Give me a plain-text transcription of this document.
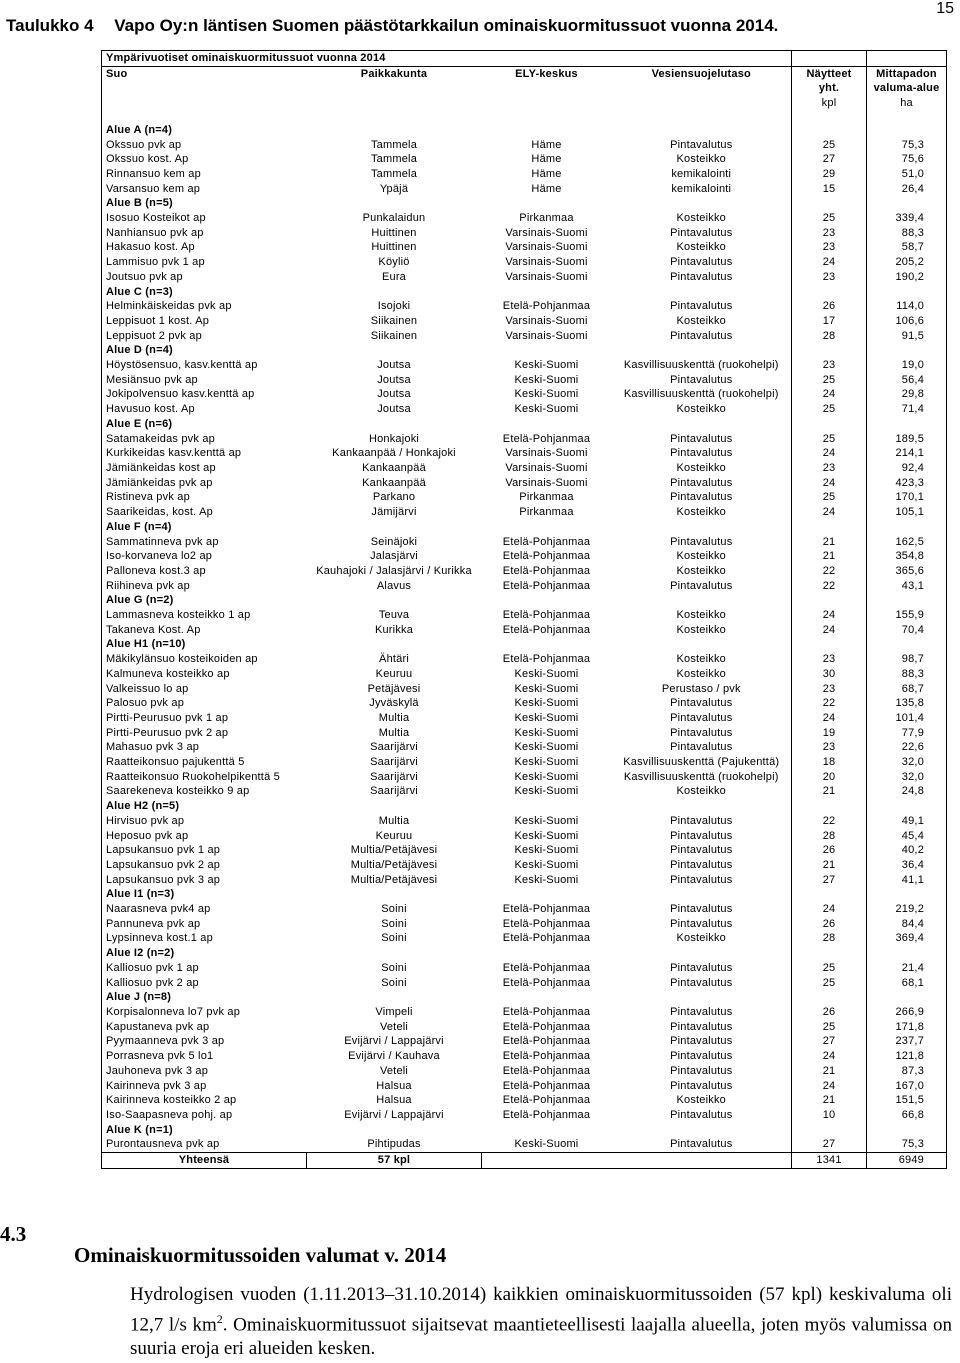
15
Taulukko 4 Vapo Oy:n läntisen Suomen päästötarkkailun ominaiskuormitussuot vuonna 2014.
Ympärivuotiset ominaiskuormitussuot vuonna 2014					
Suo	Paikkakunta	ELY-keskus	Vesiensuojelutaso	Näytteet	Mittapadon
				yht.	valuma-alue
				kpl	ha

Alue A (n=4)					
Okssuo pvk ap	Tammela	Häme	Pintavalutus	25	75,3
Okssuo kost. Ap	Tammela	Häme	Kosteikko	27	75,6
Rinnansuo kem ap	Tammela	Häme	kemikalointi	29	51,0
Varsansuo kem ap	Ypäjä	Häme	kemikalointi	15	26,4
Alue B (n=5)					
Isosuo Kosteikot ap	Punkalaidun	Pirkanmaa	Kosteikko	25	339,4
Nanhiansuo pvk ap	Huittinen	Varsinais-Suomi	Pintavalutus	23	88,3
Hakasuo kost. Ap	Huittinen	Varsinais-Suomi	Kosteikko	23	58,7
Lammisuo pvk 1 ap	Köyliö	Varsinais-Suomi	Pintavalutus	24	205,2
Joutsuo pvk ap	Eura	Varsinais-Suomi	Pintavalutus	23	190,2
Alue C (n=3)					
Helminkäiskeidas pvk ap	Isojoki	Etelä-Pohjanmaa	Pintavalutus	26	114,0
Leppisuot 1 kost. Ap	Siikainen	Varsinais-Suomi	Kosteikko	17	106,6
Leppisuot 2 pvk ap	Siikainen	Varsinais-Suomi	Pintavalutus	28	91,5
Alue D (n=4)					
Höystösensuo, kasv.kenttä ap	Joutsa	Keski-Suomi	Kasvillisuuskenttä (ruokohelpi)	23	19,0
Mesiänsuo pvk ap	Joutsa	Keski-Suomi	Pintavalutus	25	56,4
Jokipolvensuo kasv.kenttä ap	Joutsa	Keski-Suomi	Kasvillisuuskenttä (ruokohelpi)	24	29,8
Havusuo kost. Ap	Joutsa	Keski-Suomi	Kosteikko	25	71,4
Alue E (n=6)					
Satamakeidas pvk ap	Honkajoki	Etelä-Pohjanmaa	Pintavalutus	25	189,5
Kurkikeidas kasv.kenttä ap	Kankaanpää / Honkajoki	Varsinais-Suomi	Pintavalutus	24	214,1
Jämiänkeidas kost ap	Kankaanpää	Varsinais-Suomi	Kosteikko	23	92,4
Jämiänkeidas pvk ap	Kankaanpää	Varsinais-Suomi	Pintavalutus	24	423,3
Ristineva pvk ap	Parkano	Pirkanmaa	Pintavalutus	25	170,1
Saarikeidas, kost. Ap	Jämijärvi	Pirkanmaa	Kosteikko	24	105,1
Alue F (n=4)					
Sammatinneva pvk ap	Seinäjoki	Etelä-Pohjanmaa	Pintavalutus	21	162,5
Iso-korvaneva lo2 ap	Jalasjärvi	Etelä-Pohjanmaa	Kosteikko	21	354,8
Palloneva kost.3 ap	Kauhajoki / Jalasjärvi / Kurikka	Etelä-Pohjanmaa	Kosteikko	22	365,6
Riihineva pvk ap	Alavus	Etelä-Pohjanmaa	Pintavalutus	22	43,1
Alue G (n=2)					
Lammasneva kosteikko 1 ap	Teuva	Etelä-Pohjanmaa	Kosteikko	24	155,9
Takaneva Kost. Ap	Kurikka	Etelä-Pohjanmaa	Kosteikko	24	70,4
Alue H1 (n=10)					
Mäkikylänsuo kosteikoiden ap	Ähtäri	Etelä-Pohjanmaa	Kosteikko	23	98,7
Kalmuneva kosteikko ap	Keuruu	Keski-Suomi	Kosteikko	30	88,3
Valkeissuo lo ap	Petäjävesi	Keski-Suomi	Perustaso / pvk	23	68,7
Palosuo pvk ap	Jyväskylä	Keski-Suomi	Pintavalutus	22	135,8
Pirtti-Peurusuo pvk 1 ap	Multia	Keski-Suomi	Pintavalutus	24	101,4
Pirtti-Peurusuo pvk 2 ap	Multia	Keski-Suomi	Pintavalutus	19	77,9
Mahasuo pvk 3 ap	Saarijärvi	Keski-Suomi	Pintavalutus	23	22,6
Raatteikonsuo pajukenttä 5	Saarijärvi	Keski-Suomi	Kasvillisuuskenttä (Pajukenttä)	18	32,0
Raatteikonsuo Ruokohelpikenttä 5	Saarijärvi	Keski-Suomi	Kasvillisuuskenttä (ruokohelpi)	20	32,0
Saarekeneva kosteikko 9 ap	Saarijärvi	Keski-Suomi	Kosteikko	21	24,8
Alue H2 (n=5)					
Hirvisuo pvk ap	Multia	Keski-Suomi	Pintavalutus	22	49,1
Heposuo pvk ap	Keuruu	Keski-Suomi	Pintavalutus	28	45,4
Lapsukansuo pvk 1 ap	Multia/Petäjävesi	Keski-Suomi	Pintavalutus	26	40,2
Lapsukansuo pvk 2 ap	Multia/Petäjävesi	Keski-Suomi	Pintavalutus	21	36,4
Lapsukansuo pvk 3 ap	Multia/Petäjävesi	Keski-Suomi	Pintavalutus	27	41,1
Alue I1 (n=3)					
Naarasneva pvk4 ap	Soini	Etelä-Pohjanmaa	Pintavalutus	24	219,2
Pannuneva pvk ap	Soini	Etelä-Pohjanmaa	Pintavalutus	26	84,4
Lypsinneva kost.1 ap	Soini	Etelä-Pohjanmaa	Kosteikko	28	369,4
Alue I2 (n=2)					
Kalliosuo pvk 1 ap	Soini	Etelä-Pohjanmaa	Pintavalutus	25	21,4
Kalliosuo pvk 2 ap	Soini	Etelä-Pohjanmaa	Pintavalutus	25	68,1
Alue J (n=8)					
Korpisalonneva lo7 pvk ap	Vimpeli	Etelä-Pohjanmaa	Pintavalutus	26	266,9
Kapustaneva pvk ap	Veteli	Etelä-Pohjanmaa	Pintavalutus	25	171,8
Pyymaanneva pvk 3 ap	Evijärvi / Lappajärvi	Etelä-Pohjanmaa	Pintavalutus	27	237,7
Porrasneva pvk 5 lo1	Evijärvi / Kauhava	Etelä-Pohjanmaa	Pintavalutus	24	121,8
Jauhoneva pvk 3 ap	Veteli	Etelä-Pohjanmaa	Pintavalutus	21	87,3
Kairinneva pvk 3 ap	Halsua	Etelä-Pohjanmaa	Pintavalutus	24	167,0
Kairinneva kosteikko 2 ap	Halsua	Etelä-Pohjanmaa	Kosteikko	21	151,5
Iso-Saapasneva pohj. ap	Evijärvi / Lappajärvi	Etelä-Pohjanmaa	Pintavalutus	10	66,8
Alue K (n=1)					
Purontausneva pvk ap	Pihtipudas	Keski-Suomi	Pintavalutus	27	75,3
Yhteensä	57 kpl			1341	6949
4.3
Ominaiskuormitussoiden valumat v. 2014
Hydrologisen vuoden (1.11.2013–31.10.2014) kaikkien ominaiskuormitussoiden (57 kpl) keskivaluma oli 12,7 l/s $km^2$. Ominaiskuormitussuot sijaitsevat maantieteellisesti laajalla alueella, joten myös valumissa on suuria eroja eri alueiden kesken.
